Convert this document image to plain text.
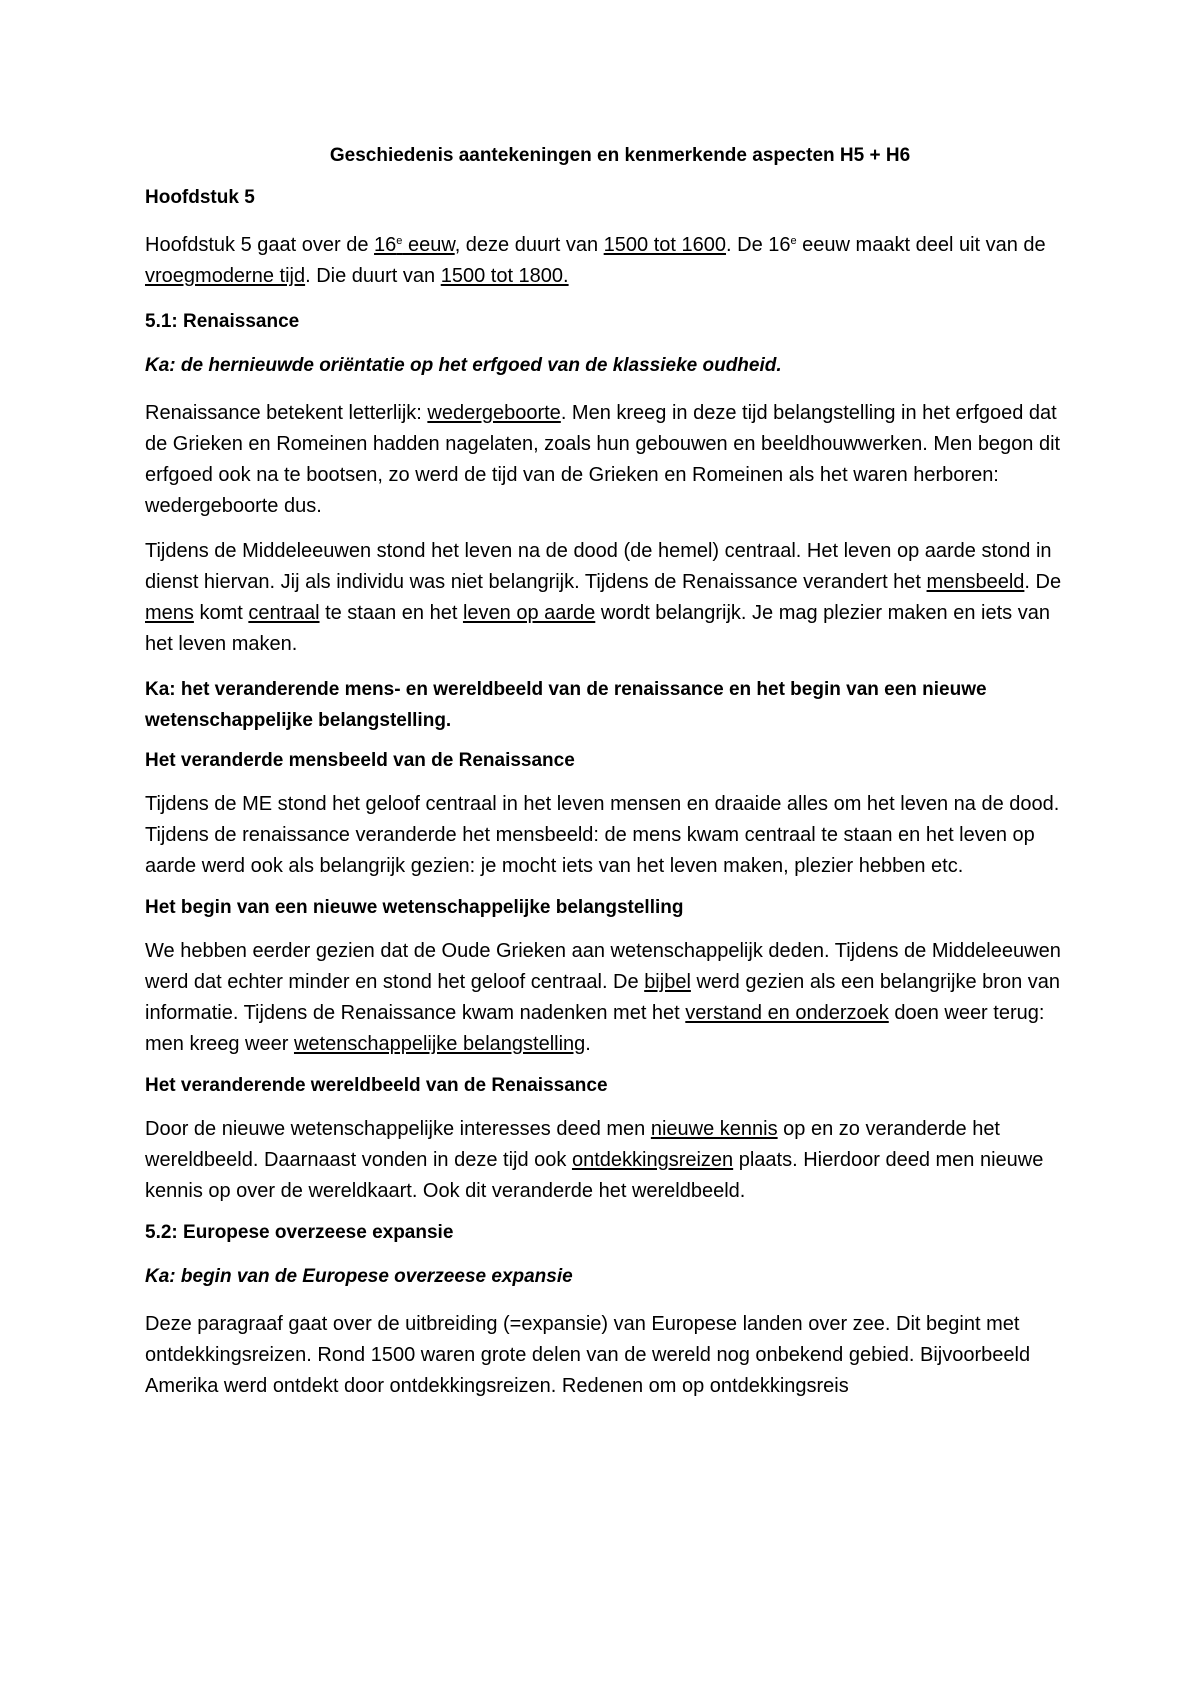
Geschiedenis aantekeningen en kenmerkende aspecten H5 + H6
Hoofdstuk 5
Hoofdstuk 5 gaat over de 16e eeuw, deze duurt van 1500 tot 1600. De 16e eeuw maakt deel uit van de vroegmoderne tijd. Die duurt van 1500 tot 1800.
5.1: Renaissance
Ka: de hernieuwde oriëntatie op het erfgoed van de klassieke oudheid.
Renaissance betekent letterlijk: wedergeboorte. Men kreeg in deze tijd belangstelling in het erfgoed dat de Grieken en Romeinen hadden nagelaten, zoals hun gebouwen en beeldhouwwerken. Men begon dit erfgoed ook na te bootsen, zo werd de tijd van de Grieken en Romeinen als het waren herboren: wedergeboorte dus.
Tijdens de Middeleeuwen stond het leven na de dood (de hemel) centraal. Het leven op aarde stond in dienst hiervan. Jij als individu was niet belangrijk. Tijdens de Renaissance verandert het mensbeeld. De mens komt centraal te staan en het leven op aarde wordt belangrijk. Je mag plezier maken en iets van het leven maken.
Ka: het veranderende mens- en wereldbeeld van de renaissance en het begin van een nieuwe wetenschappelijke belangstelling.
Het veranderde mensbeeld van de Renaissance
Tijdens de ME stond het geloof centraal in het leven mensen en draaide alles om het leven na de dood. Tijdens de renaissance veranderde het mensbeeld: de mens kwam centraal te staan en het leven op aarde werd ook als belangrijk gezien: je mocht iets van het leven maken, plezier hebben etc.
Het begin van een nieuwe wetenschappelijke belangstelling
We hebben eerder gezien dat de Oude Grieken aan wetenschappelijk deden. Tijdens de Middeleeuwen werd dat echter minder en stond het geloof centraal. De bijbel werd gezien als een belangrijke bron van informatie. Tijdens de Renaissance kwam nadenken met het verstand en onderzoek doen weer terug: men kreeg weer wetenschappelijke belangstelling.
Het veranderende wereldbeeld van de Renaissance
Door de nieuwe wetenschappelijke interesses deed men nieuwe kennis op en zo veranderde het wereldbeeld. Daarnaast vonden in deze tijd ook ontdekkingsreizen plaats. Hierdoor deed men nieuwe kennis op over de wereldkaart. Ook dit veranderde het wereldbeeld.
5.2: Europese overzeese expansie
Ka: begin van de Europese overzeese expansie
Deze paragraaf gaat over de uitbreiding (=expansie) van Europese landen over zee. Dit begint met ontdekkingsreizen. Rond 1500 waren grote delen van de wereld nog onbekend gebied. Bijvoorbeeld Amerika werd ontdekt door ontdekkingsreizen. Redenen om op ontdekkingsreis
